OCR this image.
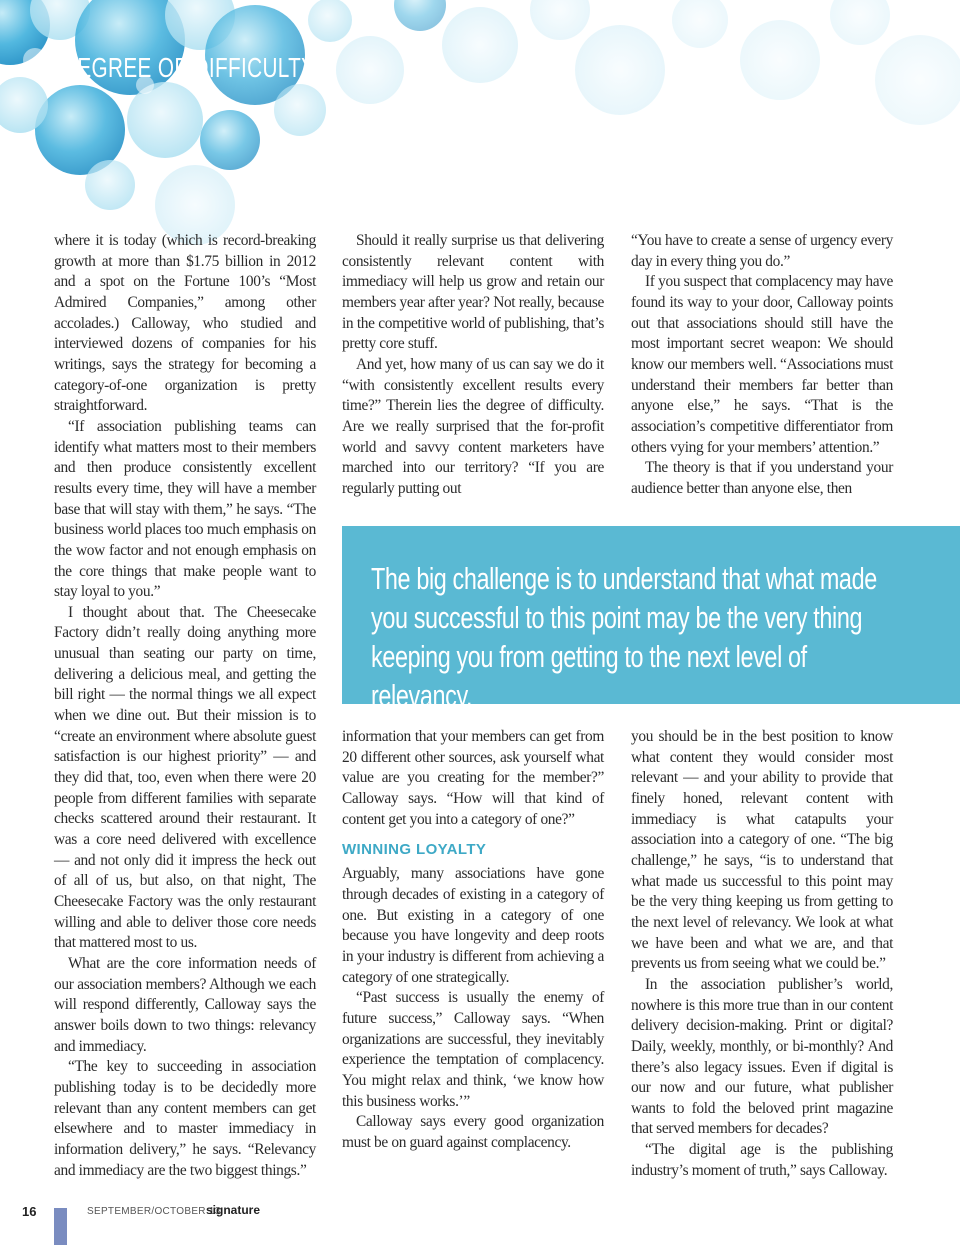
DEGREE OF DIFFICULTY

where it is today (which is record-breaking growth at more than $1.75 billion in 2012 and a spot on the Fortune 100’s “Most Admired Companies,” among other accolades.) Calloway, who studied and interviewed dozens of companies for his writings, says the strategy for becoming a category-of-one organization is pretty straightforward.

“If association publishing teams can identify what matters most to their members and then produce consistently excellent results every time, they will have a member base that will stay with them,” he says. “The business world places too much emphasis on the wow factor and not enough emphasis on the core things that make people want to stay loyal to you.”

I thought about that. The Cheesecake Factory didn’t really doing anything more unusual than seating our party on time, delivering a delicious meal, and getting the bill right — the normal things we all expect when we dine out. But their mission is to “create an environment where absolute guest satisfaction is our highest priority” — and they did that, too, even when there were 20 people from different families with separate checks scattered around their restaurant. It was a core need delivered with excellence — and not only did it impress the heck out of all of us, but also, on that night, The Cheesecake Factory was the only restaurant willing and able to deliver those core needs that mattered most to us.

What are the core information needs of our association members? Although we each will respond differently, Calloway says the answer boils down to two things: relevancy and immediacy.

“The key to succeeding in association publishing today is to be decidedly more relevant than any content members can get elsewhere and to master immediacy in information delivery,” he says. “Relevancy and immediacy are the two biggest things.”

Should it really surprise us that delivering consistently relevant content with immediacy will help us grow and retain our members year after year? Not really, because in the competitive world of publishing, that’s pretty core stuff.

And yet, how many of us can say we do it “with consistently excellent results every time?” Therein lies the degree of difficulty. Are we really surprised that the for-profit world and savvy content marketers have marched into our territory? “If you are regularly putting out

“You have to create a sense of urgency every day in every thing you do.”

If you suspect that complacency may have found its way to your door, Calloway points out that associations should still have the most important secret weapon: We should know our members well. “Associations must understand their members far better than anyone else,” he says. “That is the association’s competitive differentiator from others vying for your members’ attention.”

The theory is that if you understand your audience better than anyone else, then

The big challenge is to understand that what made you successful to this point may be the very thing keeping you from getting to the next level of relevancy.

information that your members can get from 20 different other sources, ask yourself what value are you creating for the member?” Calloway says. “How will that kind of content get you into a category of one?”

WINNING LOYALTY

Arguably, many associations have gone through decades of existing in a category of one. But existing in a category of one because you have longevity and deep roots in your industry is different from achieving a category of one strategically.

“Past success is usually the enemy of future success,” Calloway says. “When organizations are successful, they inevitably experience the temptation of complacency. You might relax and think, ‘we know how this business works.’”

Calloway says every good organization must be on guard against complacency.

you should be in the best position to know what content they would consider most relevant — and your ability to provide that finely honed, relevant content with immediacy is what catapults your association into a category of one. “The big challenge,” he says, “is to understand that what made us successful to this point may be the very thing keeping us from getting to the next level of relevancy. We look at what we have been and what we are, and that prevents us from seeing what we could be.”

In the association publisher’s world, nowhere is this more true than in our content delivery decision-making. Print or digital? Daily, weekly, monthly, or bi-monthly? And there’s also legacy issues. Even if digital is our now and our future, what publisher wants to fold the beloved print magazine that served members for decades?

“The digital age is the publishing industry’s moment of truth,” says Calloway.

16	SEPTEMBER/OCTOBER 13
signature
